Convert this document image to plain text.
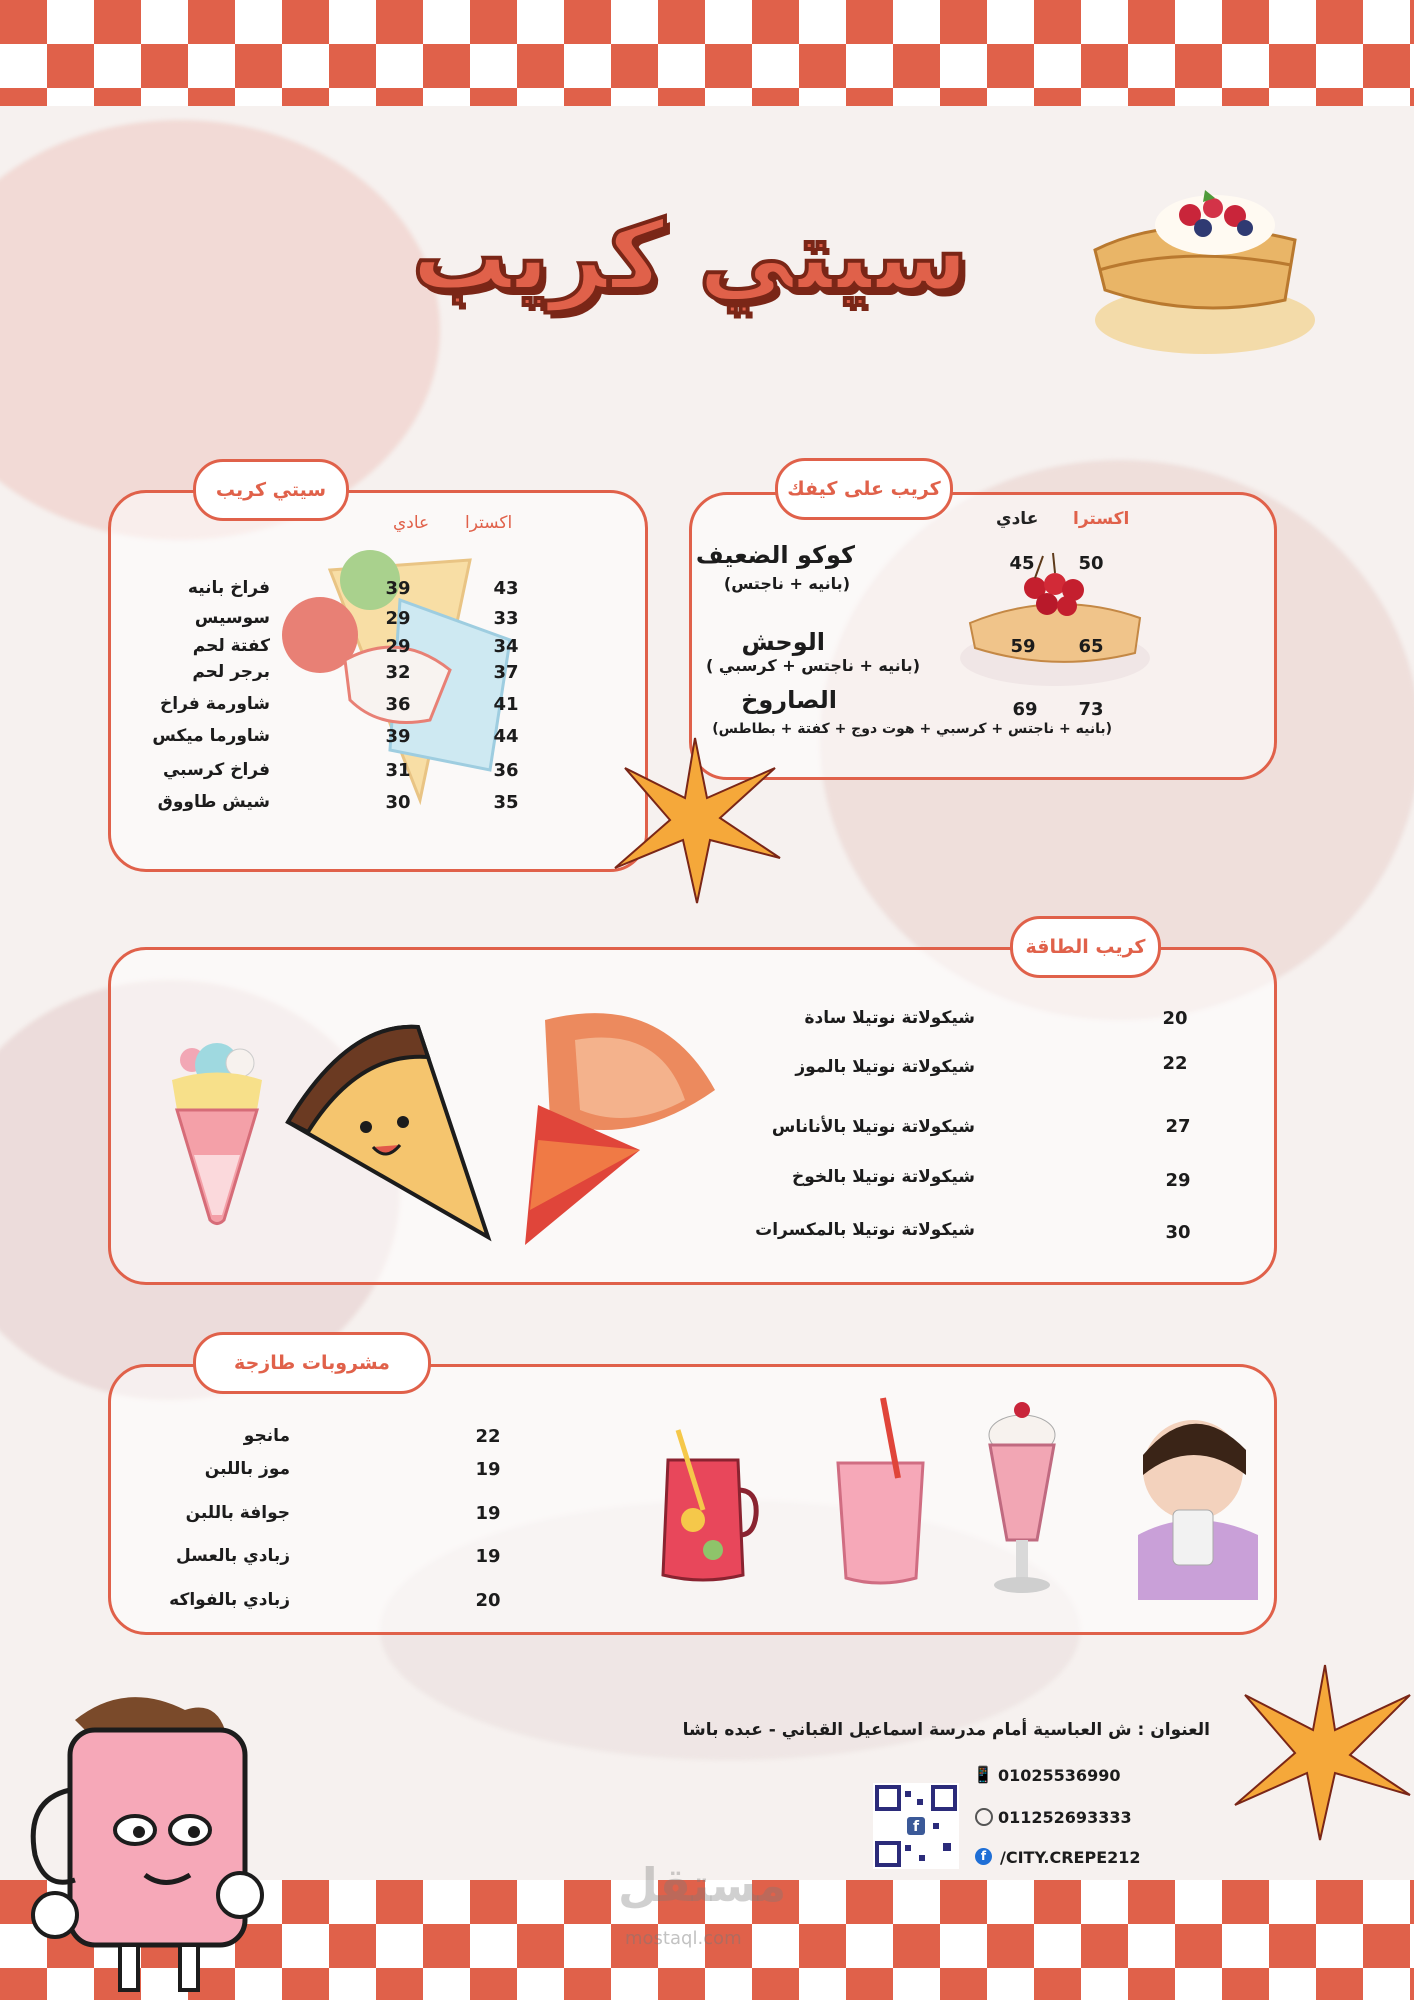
سيتي كريب
كريب على كيفك
اكسترا
عادي
كوكو الضعيف
(بانيه + ناجتس)
45	50
الوحش
(بانيه + ناجتس + كرسبي )
59	65
الصاروخ
(بانيه + ناجتس + كرسبي + هوت دوج + كفتة + بطاطس)
69	73
سيتي كريب
اكسترا
عادي
فراخ بانيه	39	43
سوسيس	29	33
كفتة لحم	29	34
برجر لحم	32	37
شاورمة فراخ	36	41
شاورما ميكس	39	44
فراخ كرسبي	31	36
شيش طاووق	30	35
كريب الطاقة
شيكولاتة نوتيلا سادة	20
شيكولاتة نوتيلا بالموز	22
شيكولاتة نوتيلا بالأناناس	27
شيكولاتة نوتيلا بالخوخ	29
شيكولاتة نوتيلا بالمكسرات	30
مشروبات طازجة
مانجو	22
موز باللبن	19
جوافة باللبن	19
زبادي بالعسل	19
زبادي بالفواكه	20
العنوان : ش العباسية أمام مدرسة اسماعيل القباني - عبده باشا
f
📱 01025536990
011252693333
f /CITY.CREPE212
مستقل
mostaql.com
